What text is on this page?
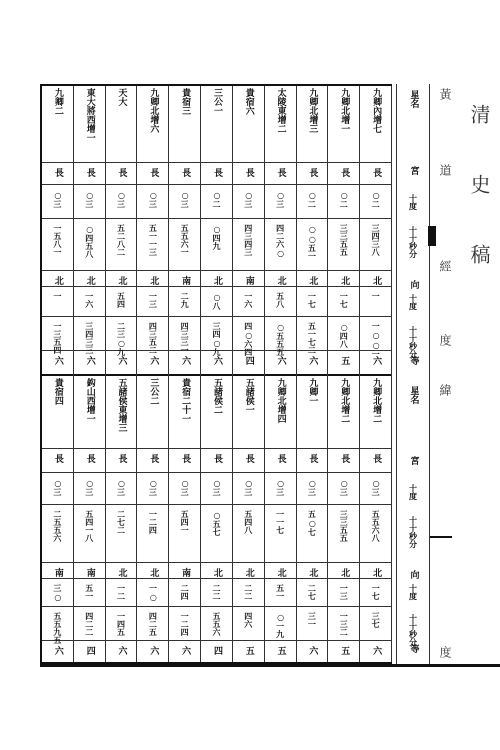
九卿二
長
○三
一五八一
北
一
一三五四
六
貴宿四
長
○三
二五五六
南
三○
五五九五
六
東大將西增一
長
○三
○四五八
北
一六
三四三三
六
鈎山西增一
長
○三
五四一八
南
五一
四二二
四
天大
長
○三
五二八二
北
五四
二三○九
六
五諸侯東增三
長
○三
二七二
北
一二
一四五
六
九卿北增六
長
○三
五一一三
北
一三
四三五二
六
三公二
長
○三
一二四
北
一○
四二五
六
貴宿三
長
○三
五五六一
南
二九
四三三一
六
貴宿二十一
長
○三
五四一
南
二四
一二四
六
三公一
長
○二
○四九
北
○八
三四○九
六
五諸侯二
長
○三
○五七
北
二二
五五六
四
貴宿六
長
○三
四三四三
南
一六
四○六四
四
五諸侯一
長
○三
五四八
北
二二
四六
五
太陵東增二
長
○三
四二六○
北
五八
○五五五
六
九卿北增四
長
○三
一一七
北
五一
○一九
五
九卿北增三
長
○二
○○五一
北
一七
五一七二
六
九卿一
長
○三
五○七
北
二七
三一
六
九卿北增一
長
○二
三三五五
北
一七
○四八
五
九卿北增二
長
○三
三三五五
北
一三
一三二
五
九卿內增七
長
○二
三四三八
北
一
一○○一
六
九卿北增二
長
○三
五五六八
北
一七
三七
六
星名
宮
十度
十十秒分
向
十度
十十秒分
等
星名
宮
十度
十十秒分
向
十度
十十秒分
等
黃
道
經
度
緯
度
清
史
稿
